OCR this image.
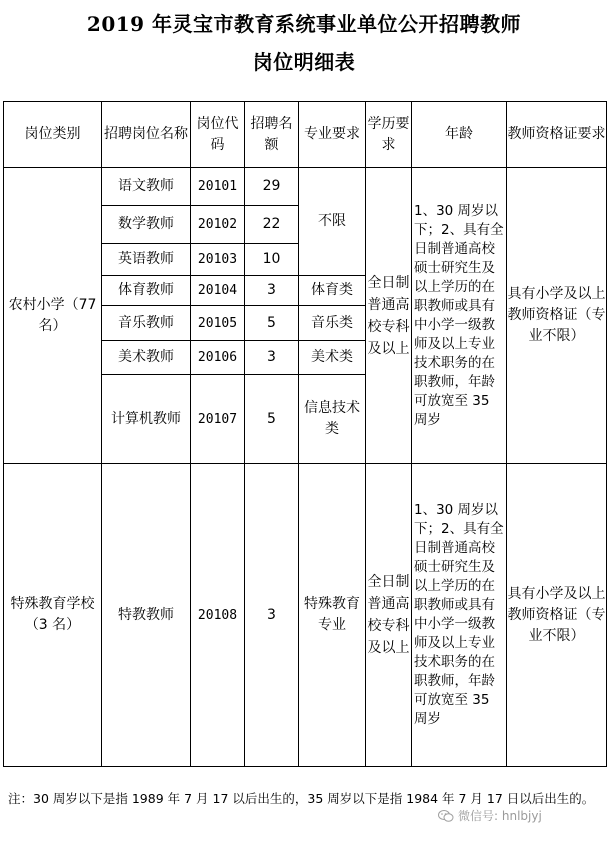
2019 年灵宝市教育系统事业单位公开招聘教师
岗位明细表
岗位类别	招聘岗位名称	岗位代码	招聘名额	专业要求	学历要求	年龄	教师资格证要求
农村小学（77 名）	语文教师	20101	29	不限	全日制普通高校专科及以上	1、30 周岁以下；2、具有全日制普通高校硕士研究生及以上学历的在职教师或具有中小学一级教师及以上专业技术职务的在职教师，年龄可放宽至 35 周岁	具有小学及以上教师资格证（专业不限）
	数学教师	20102	22				
	英语教师	20103	10				
	体育教师	20104	3	体育类			
	音乐教师	20105	5	音乐类			
	美术教师	20106	3	美术类			
	计算机教师	20107	5	信息技术类			
特殊教育学校（3 名）	特教教师	20108	3	特殊教育专业	全日制普通高校专科及以上	1、30 周岁以下；2、具有全日制普通高校硕士研究生及以上学历的在职教师或具有中小学一级教师及以上专业技术职务的在职教师，年龄可放宽至 35 周岁	具有小学及以上教师资格证（专业不限）
注：30 周岁以下是指 1989 年 7 月 17 以后出生的，35 周岁以下是指 1984 年 7 月 17 日以后出生的。
微信号: hnlbjyj
